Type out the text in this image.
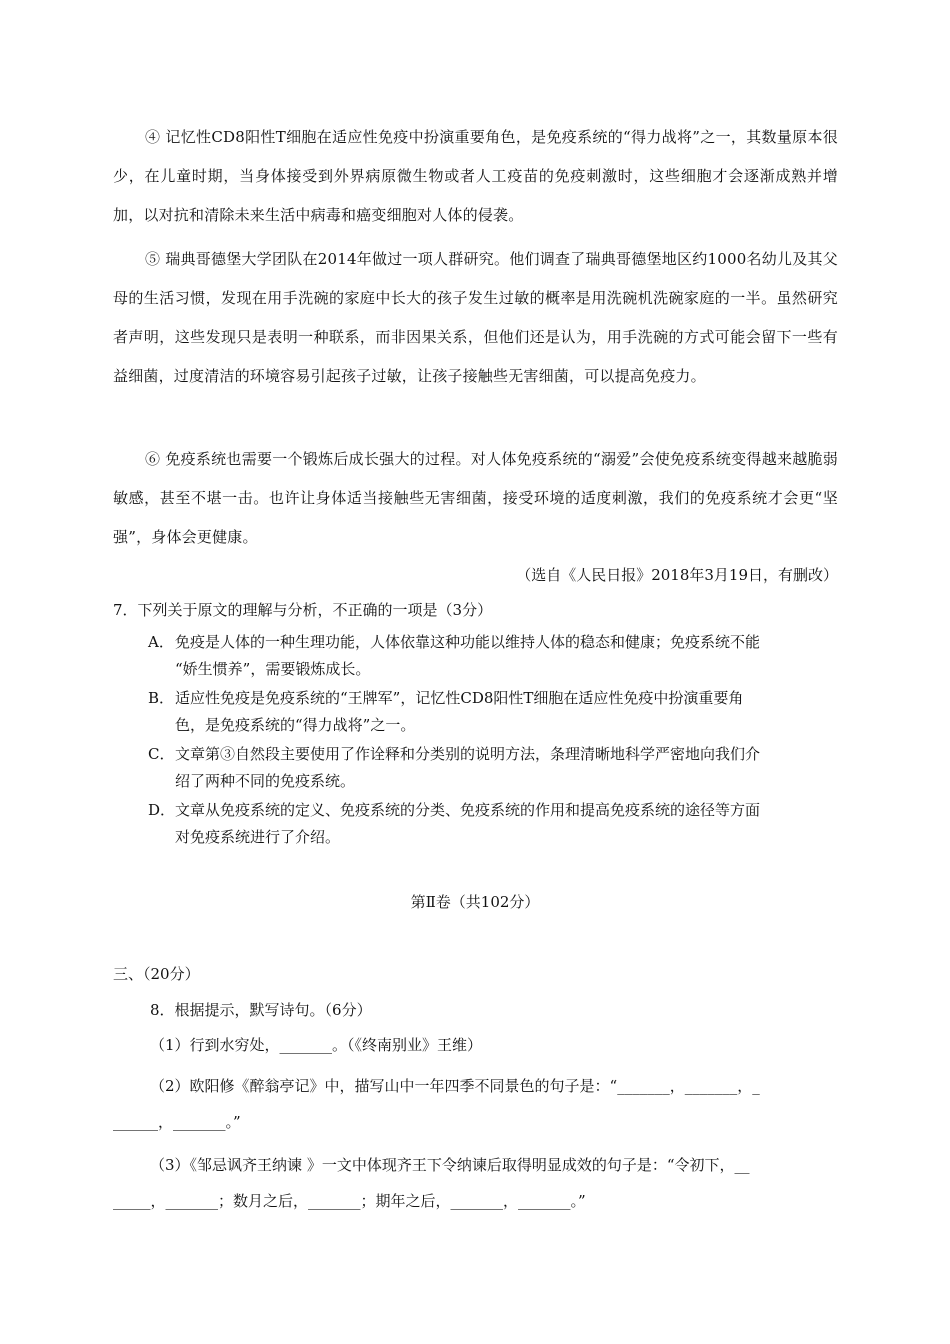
④ 记忆性CD8阳性T细胞在适应性免疫中扮演重要角色，是免疫系统的“得力战将”之一，其数量原本很少，在儿童时期，当身体接受到外界病原微生物或者人工疫苗的免疫刺激时，这些细胞才会逐渐成熟并增加，以对抗和清除未来生活中病毒和癌变细胞对人体的侵袭。
⑤ 瑞典哥德堡大学团队在2014年做过一项人群研究。他们调查了瑞典哥德堡地区约1000名幼儿及其父母的生活习惯，发现在用手洗碗的家庭中长大的孩子发生过敏的概率是用洗碗机洗碗家庭的一半。虽然研究者声明，这些发现只是表明一种联系，而非因果关系，但他们还是认为，用手洗碗的方式可能会留下一些有益细菌，过度清洁的环境容易引起孩子过敏，让孩子接触些无害细菌，可以提高免疫力。
⑥ 免疫系统也需要一个锻炼后成长强大的过程。对人体免疫系统的“溺爱”会使免疫系统变得越来越脆弱敏感，甚至不堪一击。也许让身体适当接触些无害细菌，接受环境的适度刺激，我们的免疫系统才会更“坚强”，身体会更健康。
（选自《人民日报》2018年3月19日，有删改）
7．下列关于原文的理解与分析，不正确的一项是（3分）
A．免疫是人体的一种生理功能，人体依靠这种功能以维持人体的稳态和健康；免疫系统不能
“娇生惯养”，需要锻炼成长。
B．适应性免疫是免疫系统的“王牌军”，记忆性CD8阳性T细胞在适应性免疫中扮演重要角
色，是免疫系统的“得力战将”之一。
C．文章第③自然段主要使用了作诠释和分类别的说明方法，条理清晰地科学严密地向我们介
绍了两种不同的免疫系统。
D．文章从免疫系统的定义、免疫系统的分类、免疫系统的作用和提高免疫系统的途径等方面
对免疫系统进行了介绍。
第Ⅱ卷（共102分）
三、（20分）
8．根据提示，默写诗句。（6分）
（1）行到水穷处，_______。（《终南别业》王维）
（2）欧阳修《醉翁亭记》中，描写山中一年四季不同景色的句子是：“_______，_______，_
______，_______。”
（3）《邹忌讽齐王纳谏 》一文中体现齐王下令纳谏后取得明显成效的句子是：“令初下，__
_____，_______；数月之后，_______；期年之后，_______，_______。”
